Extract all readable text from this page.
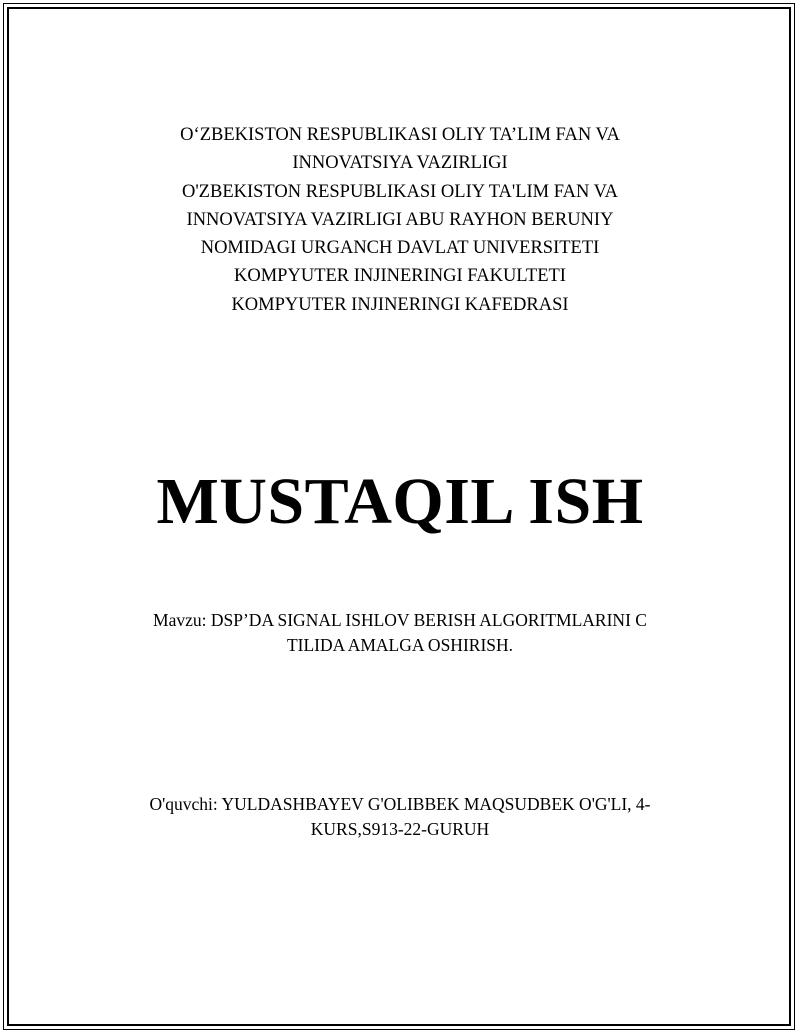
O‘ZBEKISTON RESPUBLIKASI OLIY TA’LIM FAN VA
INNOVATSIYA VAZIRLIGI
O'ZBEKISTON RESPUBLIKASI OLIY TA'LIM FAN VA
INNOVATSIYA VAZIRLIGI ABU RAYHON BERUNIY
NOMIDAGI URGANCH DAVLAT UNIVERSITETI
KOMPYUTER INJINERINGI FAKULTETI
KOMPYUTER INJINERINGI KAFEDRASI
MUSTAQIL ISH
Mavzu: DSP’DA SIGNAL ISHLOV BERISH ALGORITMLARINI C
TILIDA AMALGA OSHIRISH.
O'quvchi: YULDASHBAYEV G'OLIBBEK MAQSUDBEK O'G'LI, 4-
KURS,S913-22-GURUH
